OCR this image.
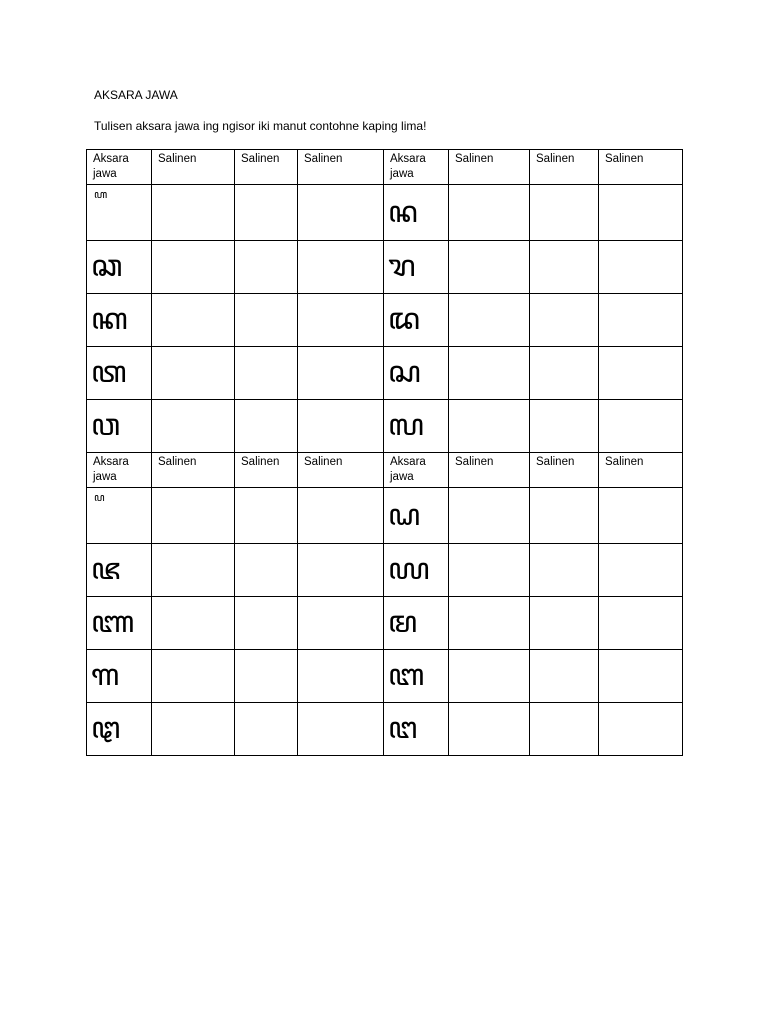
AKSARA JAWA
Tulisen aksara jawa ing ngisor iki manut contohne kaping lima!
Aksara jawa	Salinen	Salinen	Salinen	Aksara jawa	Salinen	Salinen	Salinen
ꦲ				ꦤ			
ꦕ				ꦫ			
ꦏ				ꦢ			
ꦠ				ꦱ			
ꦮ				ꦭ			
Aksara jawa	Salinen	Salinen	Salinen	Aksara jawa	Salinen	Salinen	Salinen
ꦥ				ꦝ			
ꦗ				ꦪ			
ꦚ				ꦩ			
ꦒ				ꦧ			
ꦛ				ꦔ			
